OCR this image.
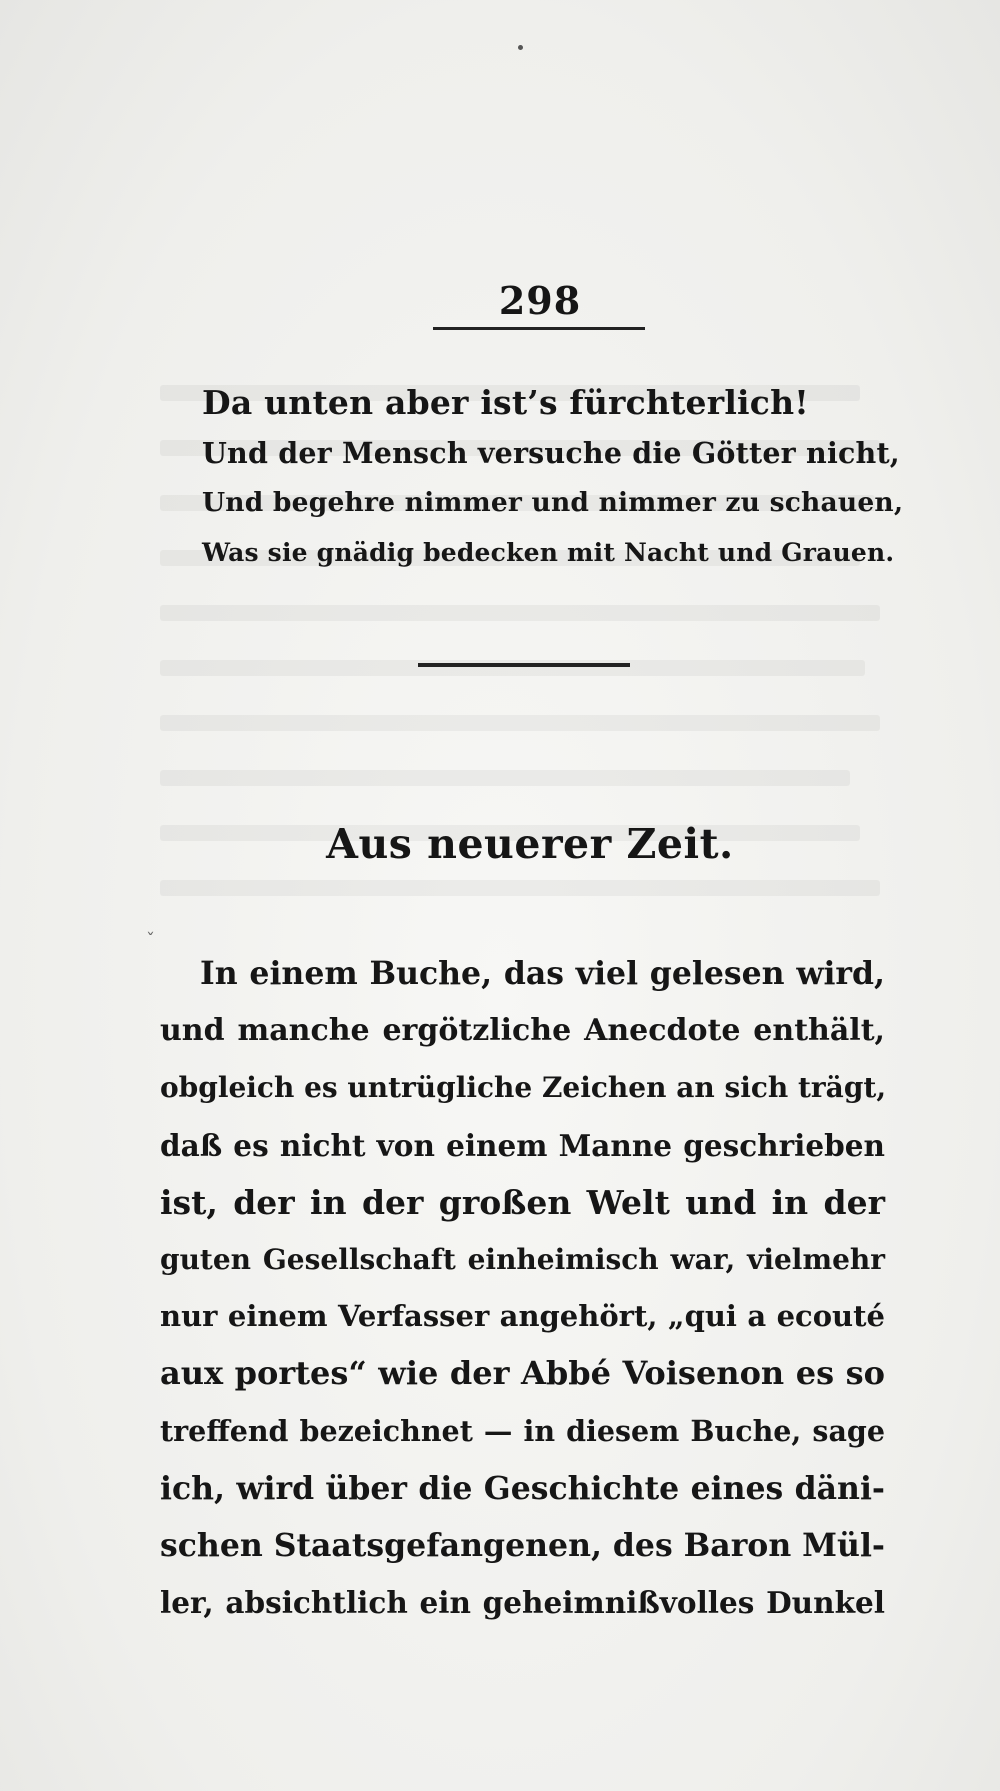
298
Da unten aber ist’s fürchterlich!
Und der Mensch versuche die Götter nicht,
Und begehre nimmer und nimmer zu schauen,
Was sie gnädig bedecken mit Nacht und Grauen.
Aus neuerer Zeit.
ˇ
In einem Buche, das viel gelesen wird,
und manche ergötzliche Anecdote enthält,
obgleich es untrügliche Zeichen an sich trägt,
daß es nicht von einem Manne geschrieben
ist, der in der großen Welt und in der
guten Gesellschaft einheimisch war, vielmehr
nur einem Verfasser angehört, „qui a ecouté
aux portes“ wie der Abbé Voisenon es so
treffend bezeichnet — in diesem Buche, sage
ich, wird über die Geschichte eines däni-
schen Staatsgefangenen, des Baron Mül-
ler, absichtlich ein geheimnißvolles Dunkel
